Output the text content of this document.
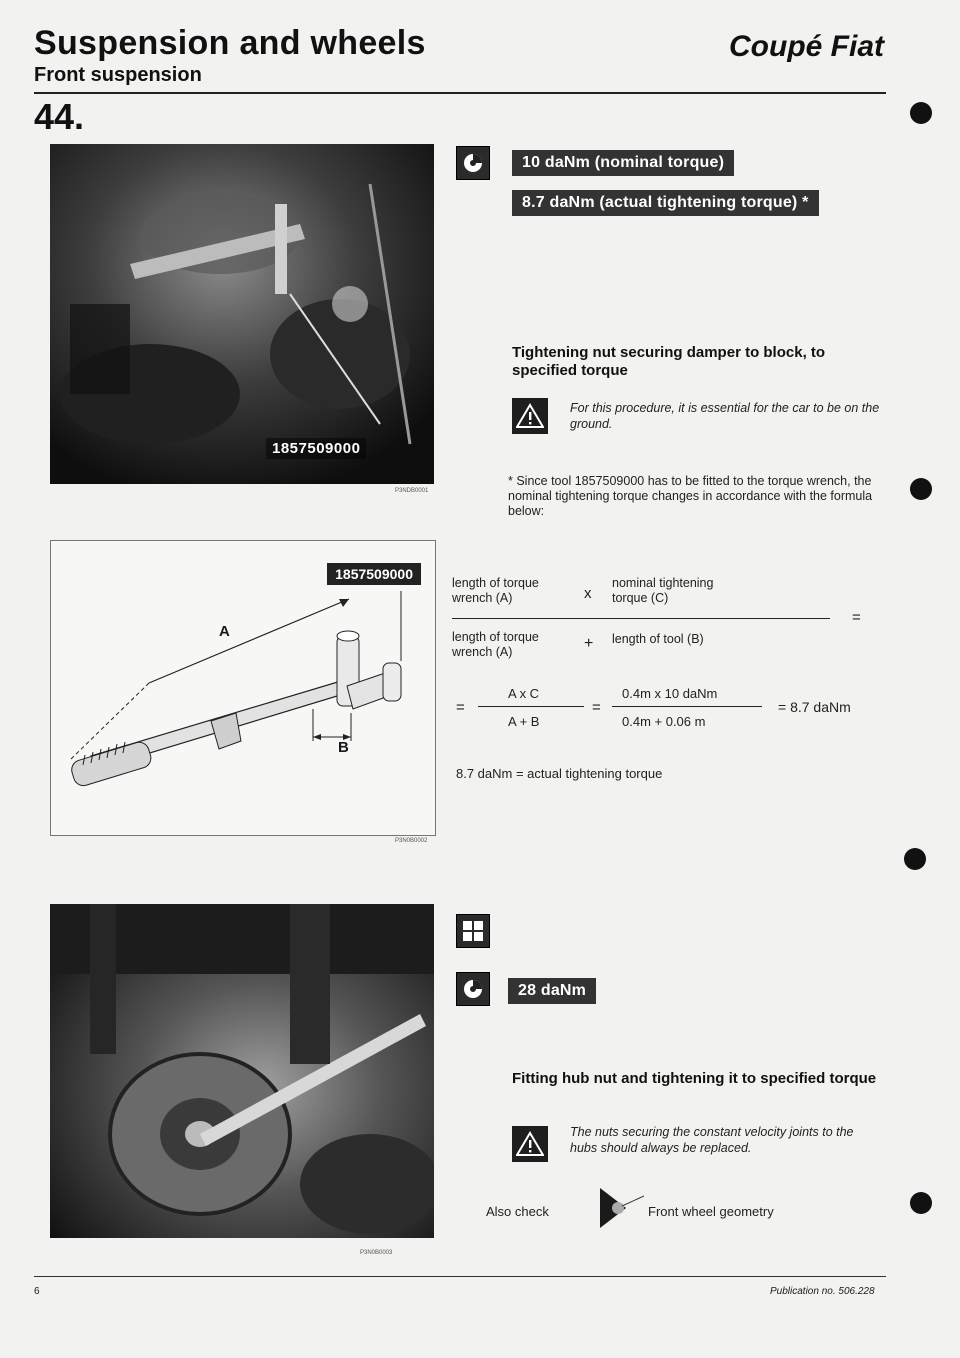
Suspension and wheels
Front suspension
Coupé Fiat
44.
1857509000
P3NDB0001
1857509000
A
B
P3N0B0002
10 daNm (nominal torque)
8.7 daNm (actual tightening torque) *
Tightening nut securing damper to block, to specified torque
For this procedure, it is essential for the car to be on the ground.
* Since tool 1857509000 has to be fitted to the torque wrench, the nominal tightening torque changes in accordance with the formula below:
length of torque wrench (A)	x
nominal tightening torque (C)
=
length of torque wrench (A)	+ length of tool (B)
=
A x C
A + B
=
0.4m x 10 daNm
0.4m + 0.06 m
= 8.7 daNm
8.7 daNm = actual tightening torque
P3N0B0003
28 daNm
Fitting hub nut and tightening it to specified torque
The nuts securing the constant velocity joints to the hubs should always be replaced.
Also check	Front wheel geometry
6	Publication no. 506.228
